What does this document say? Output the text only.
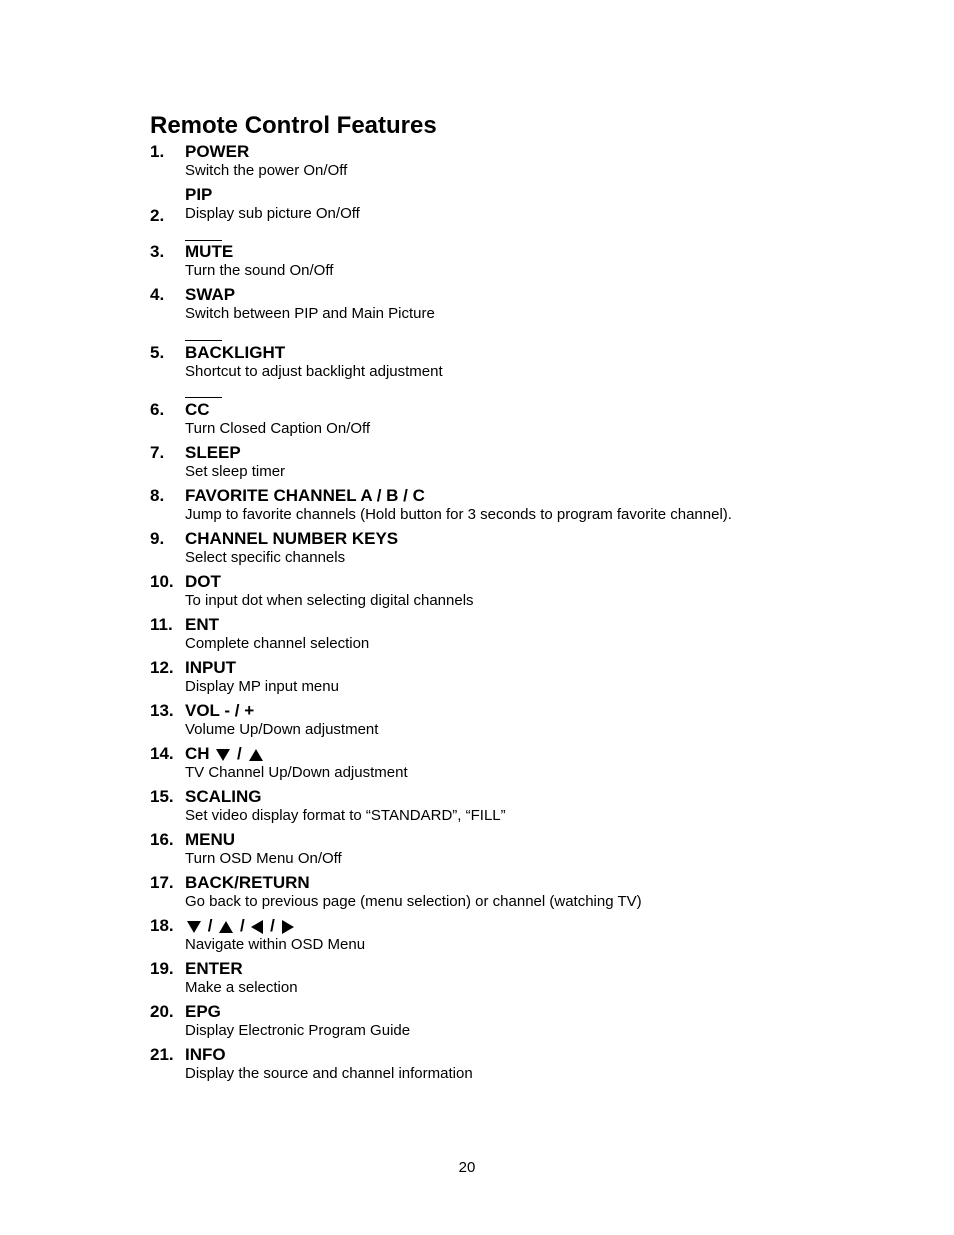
Remote Control Features
1. POWER
Switch the power On/Off
2.
PIP
Display sub picture On/Off
3. MUTE
Turn the sound On/Off
4. SWAP
Switch between PIP and Main Picture
5. BACKLIGHT
Shortcut to adjust backlight adjustment
6. CC
Turn Closed Caption On/Off
7. SLEEP
Set sleep timer
8. FAVORITE CHANNEL A / B / C
Jump to favorite channels (Hold button for 3 seconds to program favorite channel).
9. CHANNEL NUMBER KEYS
Select specific channels
10. DOT
To input dot when selecting digital channels
11. ENT
Complete channel selection
12. INPUT
Display MP input menu
13. VOL - / +
Volume Up/Down adjustment
14. CH /
TV Channel Up/Down adjustment
15. SCALING
Set video display format to “STANDARD”, “FILL”
16. MENU
Turn OSD Menu On/Off
17. BACK/RETURN
Go back to previous page (menu selection) or channel (watching TV)
18.	/ / /
Navigate within OSD Menu
19. ENTER
Make a selection
20. EPG
Display Electronic Program Guide
21. INFO
Display the source and channel information
20
